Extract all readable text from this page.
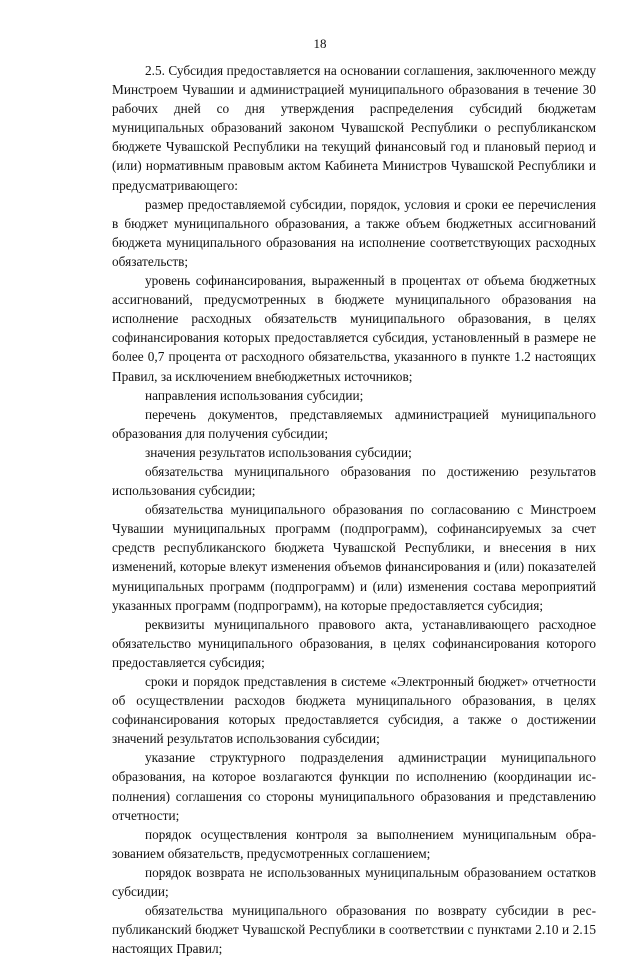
18

2.5. Субсидия предоставляется на основании соглашения, заключенного между Минстроем Чувашии и администрацией муниципального образования в течение 30 рабочих дней со дня утверждения распределения субсидий бюджетам муниципальных образований законом Чувашской Республики о республиканском бюджете Чувашской Республики на текущий финансовый год и плановый период и (или) нормативным правовым актом Кабинета Министров Чувашской Республики и предусматривающего:

размер предоставляемой субсидии, порядок, условия и сроки ее перечисления в бюджет муниципального образования, а также объем бюджетных ассигнований бюджета муниципального образования на исполнение соответствующих расходных обязательств;

уровень софинансирования, выраженный в процентах от объема бюджетных ассигнований, предусмотренных в бюджете муниципального образования на исполнение расходных обязательств муниципального образования, в целях софинансирования которых предоставляется субсидия, установленный в размере не более 0,7 процента от расходного обязательства, указанного в пункте 1.2 настоящих Правил, за исключением внебюджетных источников;

направления использования субсидии;

перечень документов, представляемых администрацией муниципального образования для получения субсидии;

значения результатов использования субсидии;

обязательства муниципального образования по достижению результатов использования субсидии;

обязательства муниципального образования по согласованию с Минстроем Чувашии муниципальных программ (подпрограмм), софинансируемых за счет средств республиканского бюджета Чувашской Республики, и внесения в них изменений, которые влекут изменения объемов финансирования и (или) показателей муниципальных программ (подпрограмм) и (или) изменения состава мероприятий указанных программ (подпрограмм), на которые предоставляется субсидия;

реквизиты муниципального правового акта, устанавливающего расходное обязательство муниципального образования, в целях софинансирования которого предоставляется субсидия;

сроки и порядок представления в системе «Электронный бюджет» отчетности об осуществлении расходов бюджета муниципального образования, в целях софинансирования которых предоставляется субсидия, а также о достижении значений результатов использования субсидии;

указание структурного подразделения администрации муниципального образования, на которое возлагаются функции по исполнению (координации исполнения) соглашения со стороны муниципального образования и представлению отчетности;

порядок осуществления контроля за выполнением муниципальным образованием обязательств, предусмотренных соглашением;

порядок возврата не использованных муниципальным образованием остатков субсидии;

обязательства муниципального образования по возврату субсидии в республиканский бюджет Чувашской Республики в соответствии с пунктами 2.10 и 2.15 настоящих Правил;
